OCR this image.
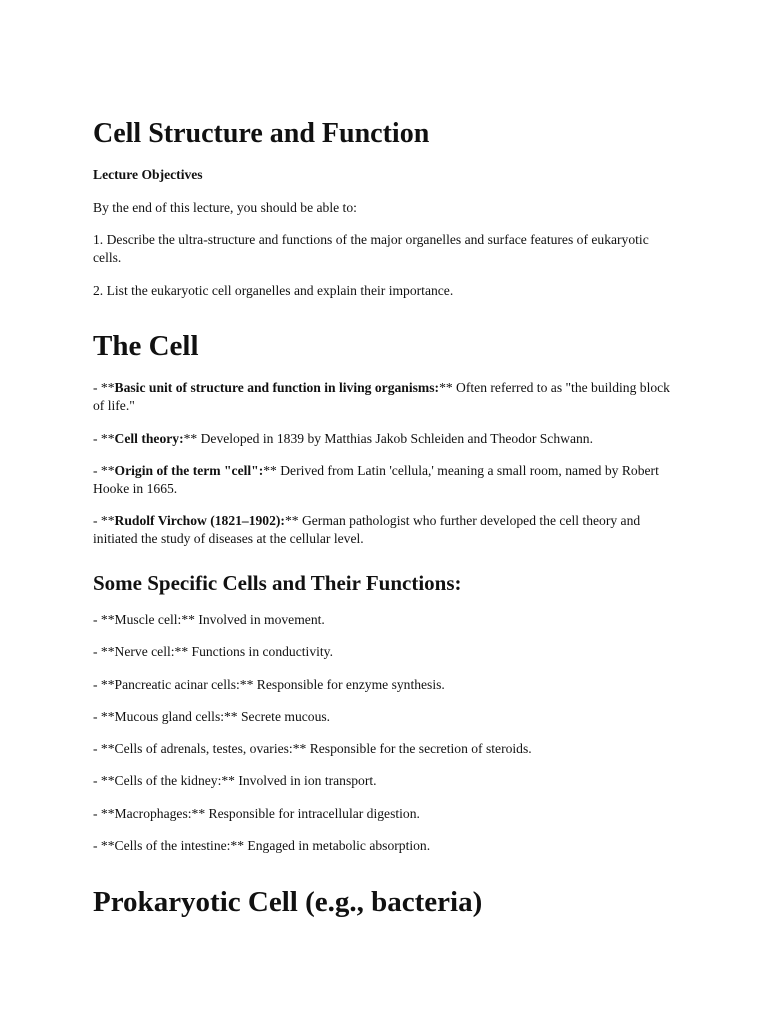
Cell Structure and Function

Lecture Objectives

By the end of this lecture, you should be able to:

1. Describe the ultra-structure and functions of the major organelles and surface features of eukaryotic cells.

2. List the eukaryotic cell organelles and explain their importance.

The Cell

- **Basic unit of structure and function in living organisms:** Often referred to as "the building block of life."

- **Cell theory:** Developed in 1839 by Matthias Jakob Schleiden and Theodor Schwann.

- **Origin of the term "cell":** Derived from Latin 'cellula,' meaning a small room, named by Robert Hooke in 1665.

- **Rudolf Virchow (1821–1902):** German pathologist who further developed the cell theory and initiated the study of diseases at the cellular level.

Some Specific Cells and Their Functions:

- **Muscle cell:** Involved in movement.

- **Nerve cell:** Functions in conductivity.

- **Pancreatic acinar cells:** Responsible for enzyme synthesis.

- **Mucous gland cells:** Secrete mucous.

- **Cells of adrenals, testes, ovaries:** Responsible for the secretion of steroids.

- **Cells of the kidney:** Involved in ion transport.

- **Macrophages:** Responsible for intracellular digestion.

- **Cells of the intestine:** Engaged in metabolic absorption.

Prokaryotic Cell (e.g., bacteria)
